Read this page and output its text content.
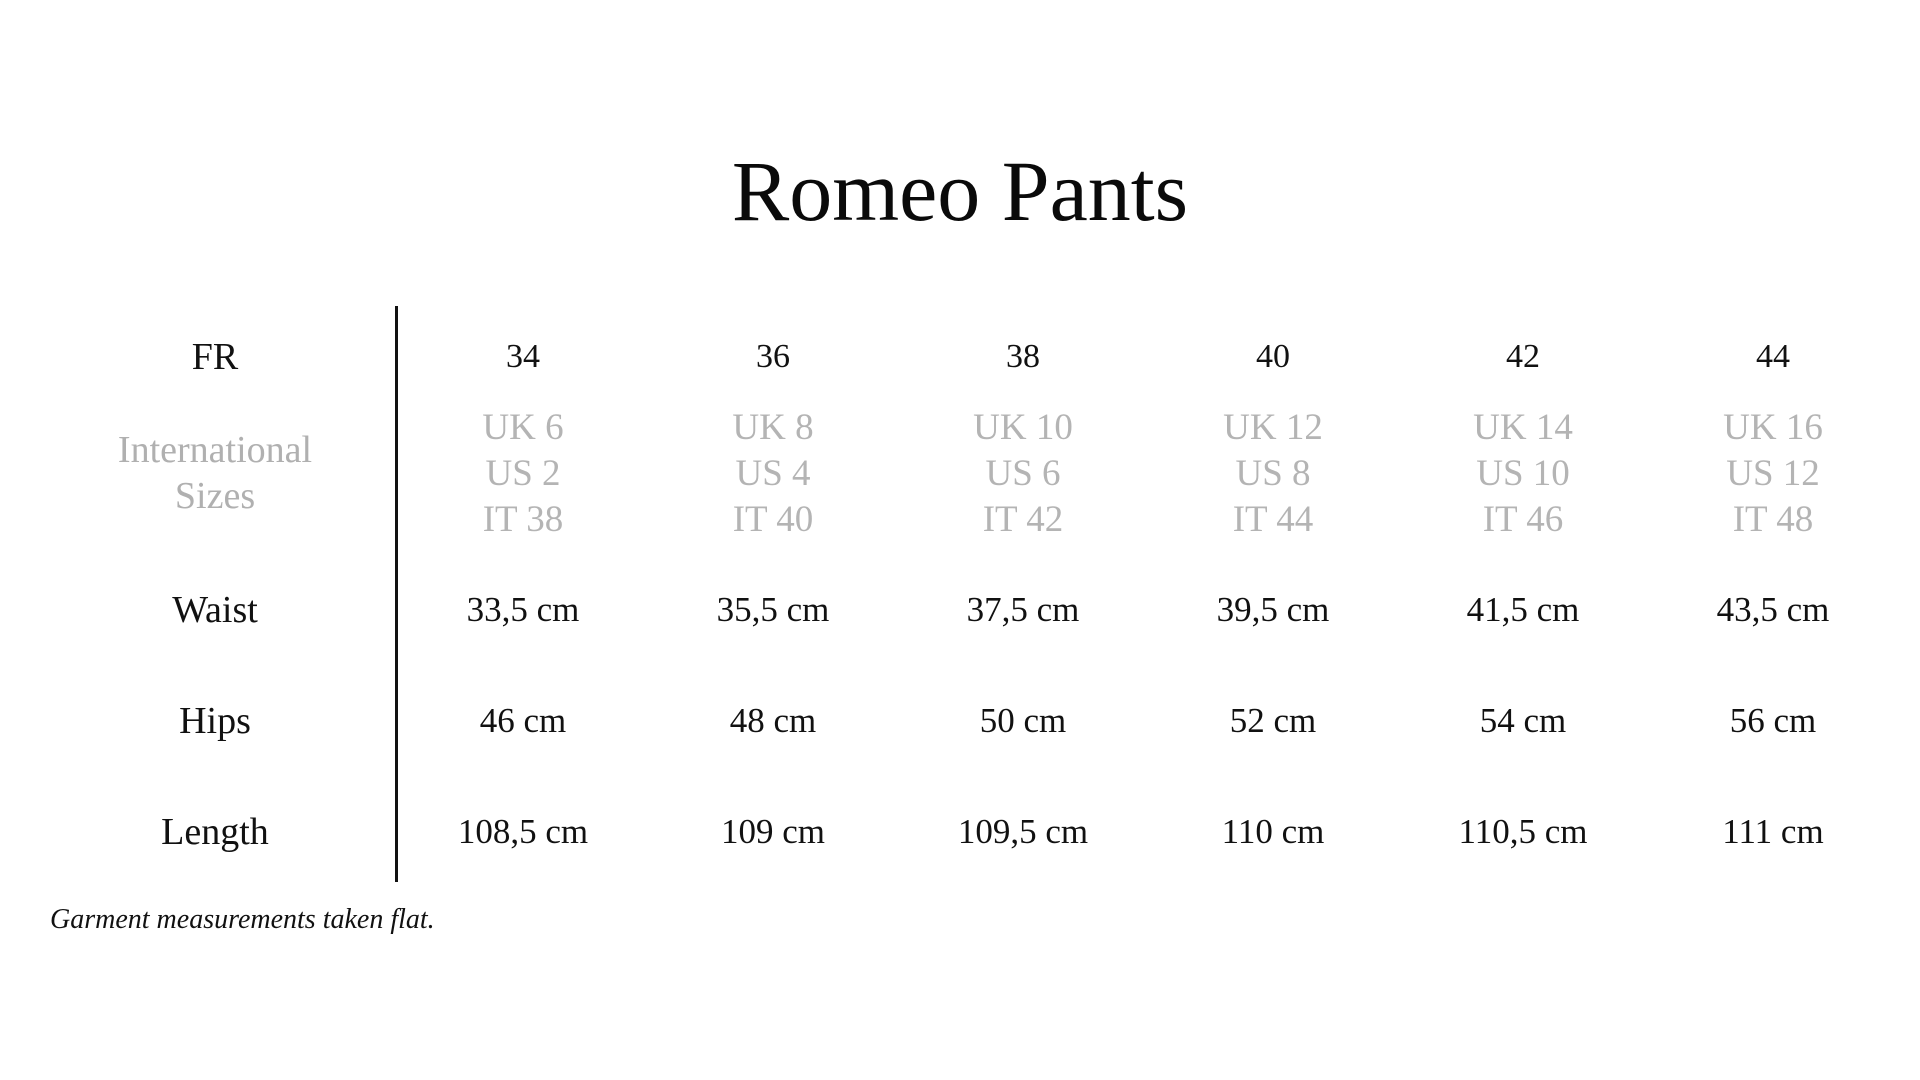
Romeo Pants
FR
International
Sizes
Waist
Hips
Length
34
UK 6
US 2
IT 38
33,5 cm
46 cm
108,5 cm
36
UK 8
US 4
IT 40
35,5 cm
48 cm
109 cm
38
UK 10
US 6
IT 42
37,5 cm
50 cm
109,5 cm
40
UK 12
US 8
IT 44
39,5 cm
52 cm
110 cm
42
UK 14
US 10
IT 46
41,5 cm
54 cm
110,5 cm
44
UK 16
US 12
IT 48
43,5 cm
56 cm
111 cm
Garment measurements taken flat.
